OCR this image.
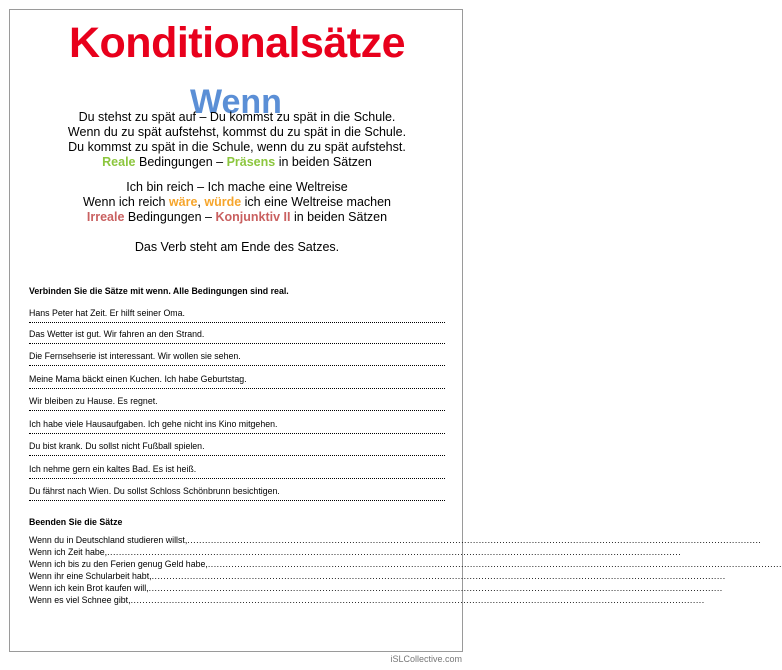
Konditionalsätze
Wenn
Du stehst zu spät auf – Du kommst zu spät in die Schule.
Wenn du zu spät aufstehst, kommst du zu spät in die Schule.
Du kommst zu spät in die Schule, wenn du zu spät aufstehst.
Reale Bedingungen – Präsens in beiden Sätzen
Ich bin reich – Ich mache eine Weltreise
Wenn ich reich wäre, würde ich eine Weltreise machen
Irreale Bedingungen – Konjunktiv II in beiden Sätzen
Das Verb steht am Ende des Satzes.
Verbinden Sie die Sätze mit wenn. Alle Bedingungen sind real.
Hans Peter hat Zeit. Er hilft seiner Oma.
Das Wetter ist gut. Wir fahren an den Strand.
Die Fernsehserie ist interessant. Wir wollen sie sehen.
Meine Mama bäckt einen Kuchen. Ich habe Geburtstag.
Wir bleiben zu Hause. Es regnet.
Ich habe viele Hausaufgaben. Ich gehe nicht ins Kino mitgehen.
Du bist krank. Du sollst nicht Fußball spielen.
Ich nehme gern ein kaltes Bad. Es ist heiß.
Du fährst nach Wien. Du sollst Schloss Schönbrunn besichtigen.
Beenden Sie die Sätze
Wenn du in Deutschland studieren willst,...................................................................................................................................................................................................
Wenn ich Zeit habe,...................................................................................................................................................................................................
Wenn ich bis zu den Ferien genug Geld habe,...................................................................................................................................................................................................
Wenn ihr eine Schularbeit habt,...................................................................................................................................................................................................
Wenn ich kein Brot kaufen will,...................................................................................................................................................................................................
Wenn es viel Schnee gibt,...................................................................................................................................................................................................
iSLCollective.com
